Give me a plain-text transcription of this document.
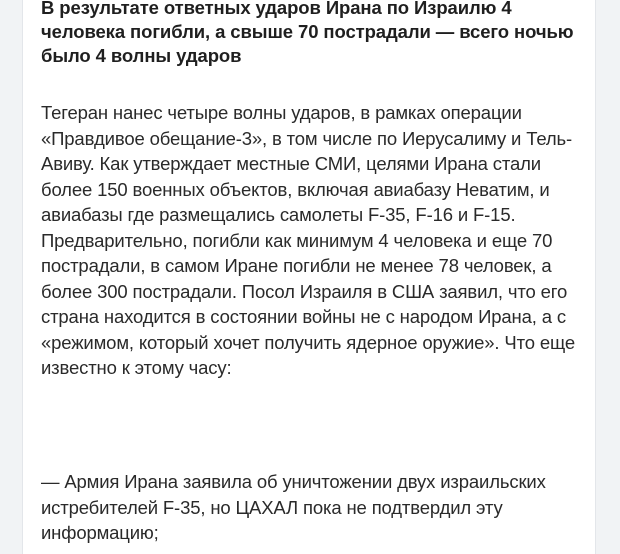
В результате ответных ударов Ирана по Израилю 4 человека погибли, а свыше 70 пострадали — всего ночью было 4 волны ударов

Тегеран нанес четыре волны ударов, в рамках операции «Правдивое обещание-3», в том числе по Иерусалиму и Тель-Авиву. Как утверждает местные СМИ, целями Ирана стали более 150 военных объектов, включая авиабазу Неватим, и авиабазы где размещались самолеты F-35, F-16 и F-15. Предварительно, погибли как минимум 4 человека и еще 70 пострадали, в самом Иране погибли не менее 78 человек, а более 300 пострадали. Посол Израиля в США заявил, что его страна находится в состоянии войны не с народом Ирана, а с «режимом, который хочет получить ядерное оружие». Что еще известно к этому часу:

— Армия Ирана заявила об уничтожении двух израильских истребителей F-35, но ЦАХАЛ пока не подтвердил эту информацию;
